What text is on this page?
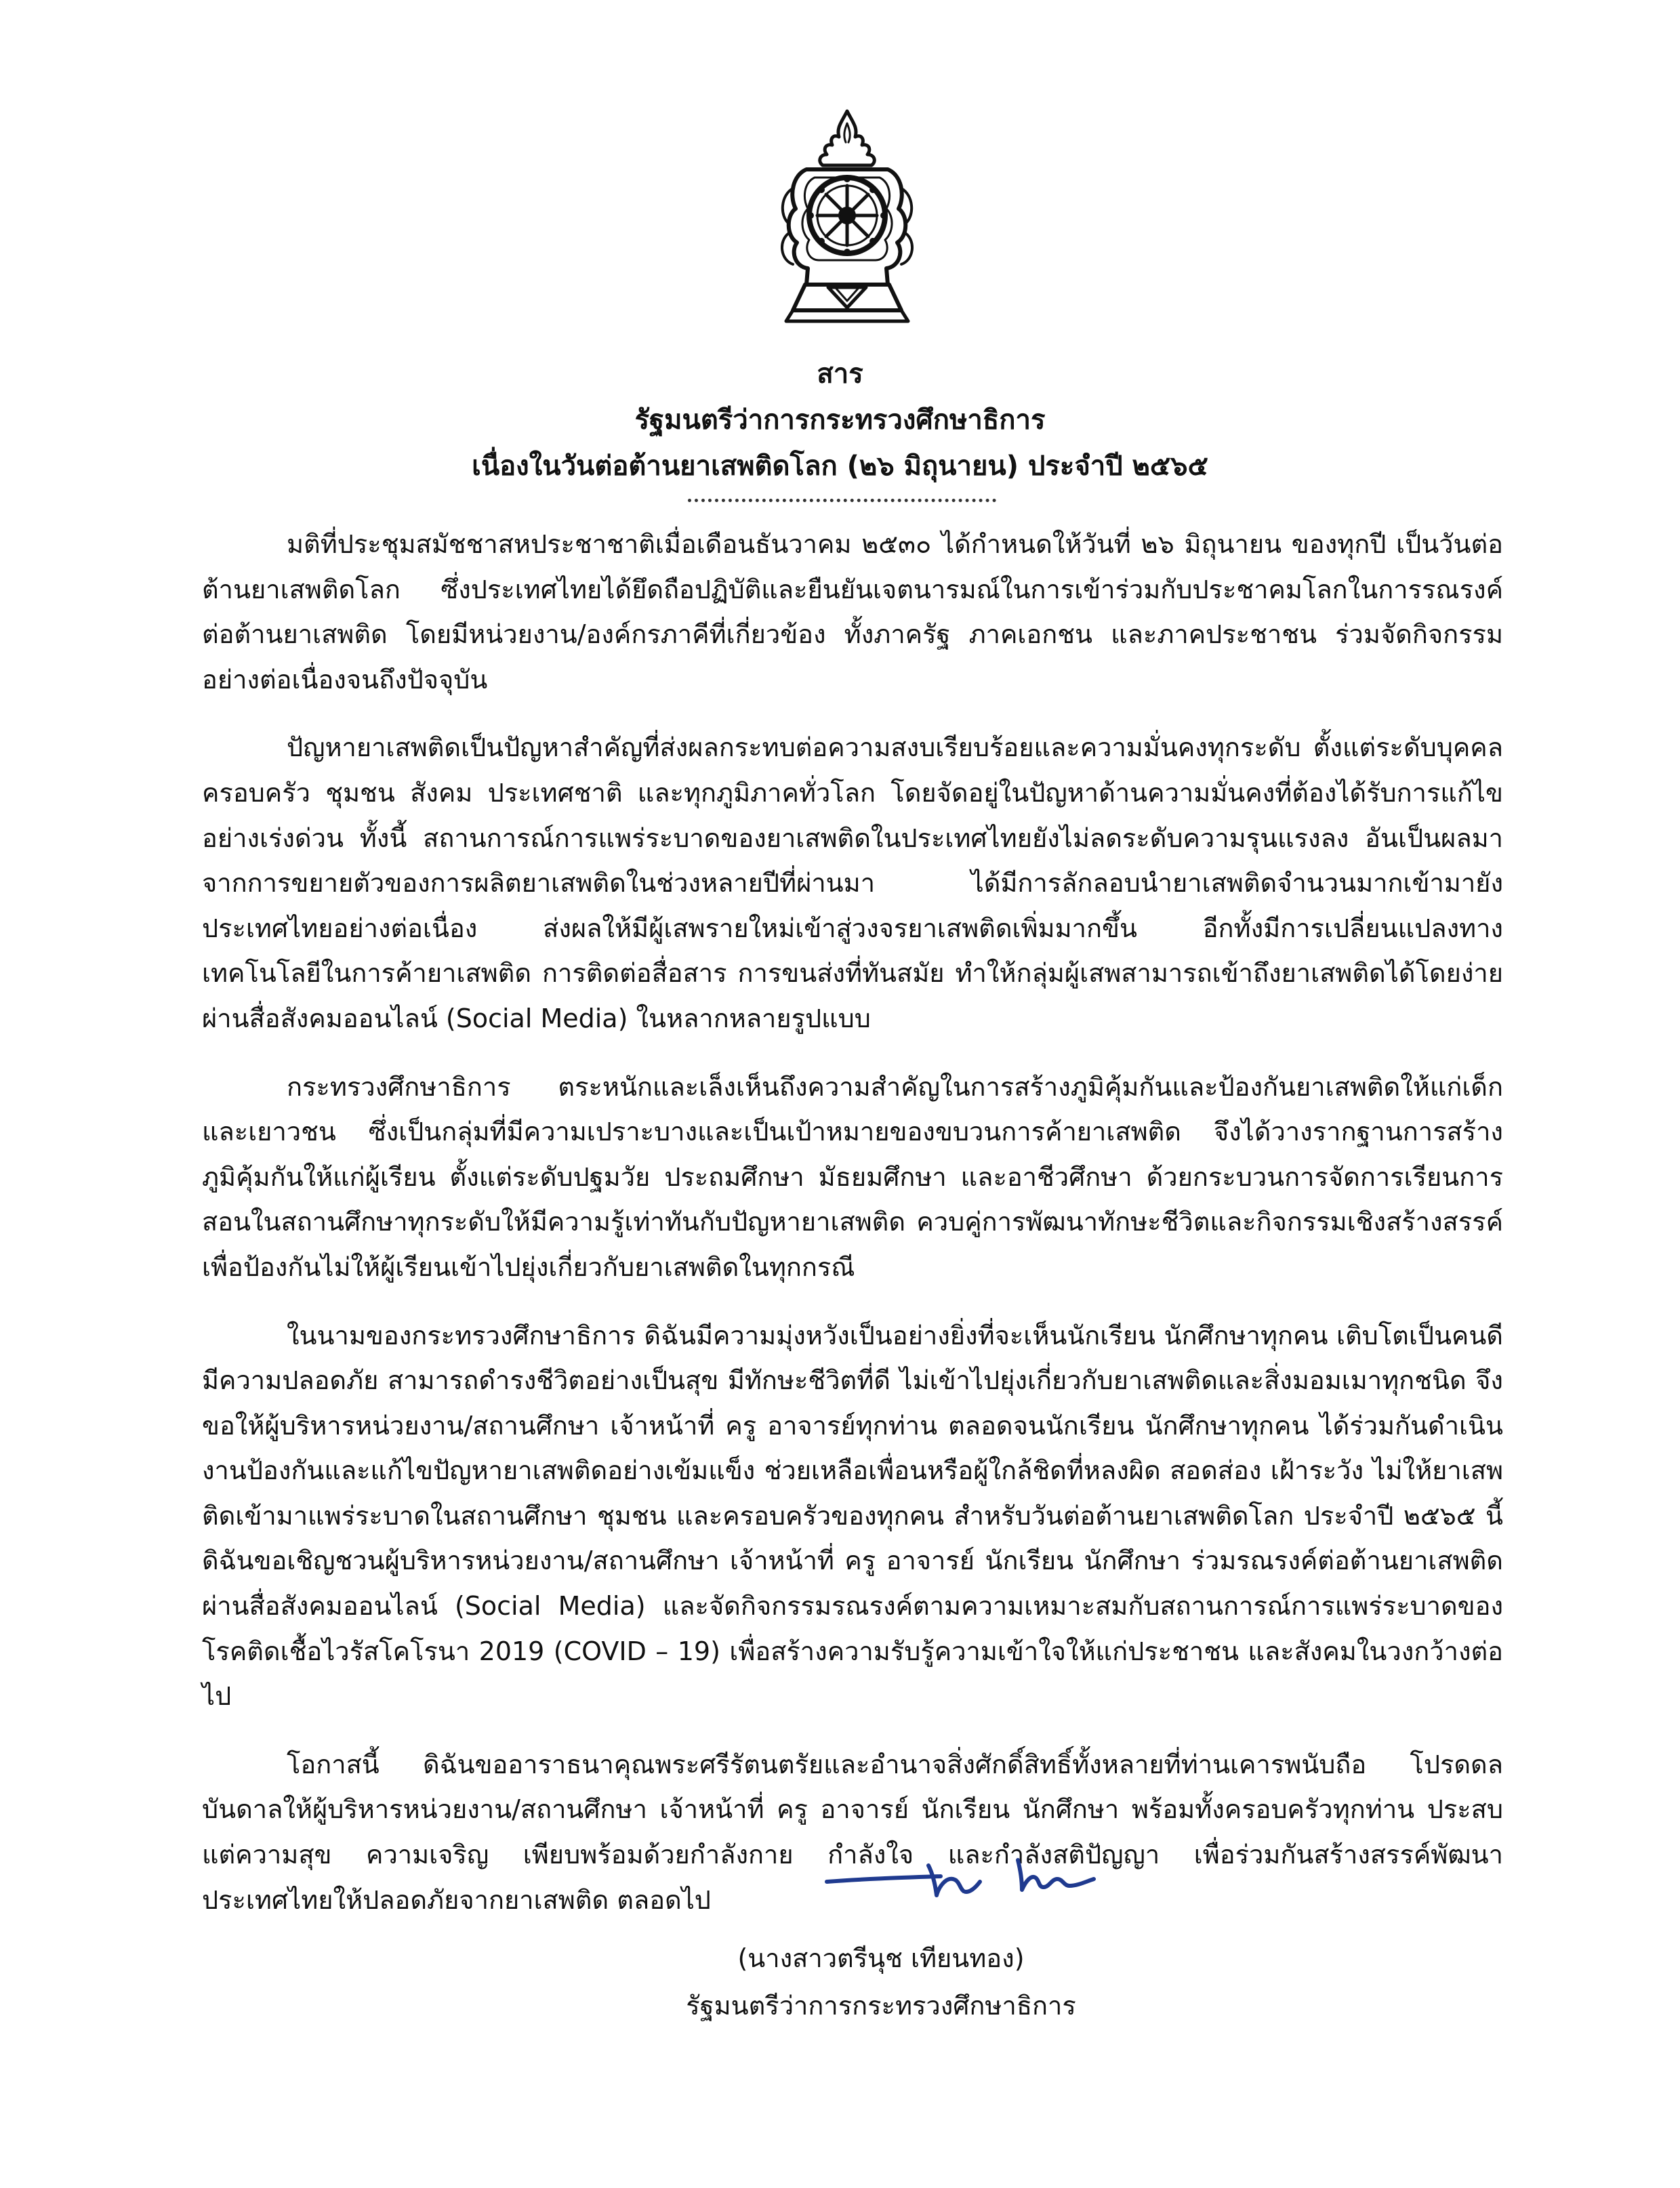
สาร
รัฐมนตรีว่าการกระทรวงศึกษาธิการ
เนื่องในวันต่อต้านยาเสพติดโลก (๒๖ มิถุนายน) ประจำปี ๒๕๖๕

มติที่ประชุมสมัชชาสหประชาชาติเมื่อเดือนธันวาคม ๒๕๓๐ ได้กำหนดให้วันที่ ๒๖ มิถุนายน ของทุกปี เป็นวันต่อต้านยาเสพติดโลก ซึ่งประเทศไทยได้ยึดถือปฏิบัติและยืนยันเจตนารมณ์ในการเข้าร่วมกับประชาคมโลกในการรณรงค์ต่อต้านยาเสพติด โดยมีหน่วยงาน/องค์กรภาคีที่เกี่ยวข้อง ทั้งภาครัฐ ภาคเอกชน และภาคประชาชน ร่วมจัดกิจกรรมอย่างต่อเนื่องจนถึงปัจจุบัน

ปัญหายาเสพติดเป็นปัญหาสำคัญที่ส่งผลกระทบต่อความสงบเรียบร้อยและความมั่นคงทุกระดับ ตั้งแต่ระดับบุคคล ครอบครัว ชุมชน สังคม ประเทศชาติ และทุกภูมิภาคทั่วโลก โดยจัดอยู่ในปัญหาด้านความมั่นคงที่ต้องได้รับการแก้ไขอย่างเร่งด่วน ทั้งนี้ สถานการณ์การแพร่ระบาดของยาเสพติดในประเทศไทยยังไม่ลดระดับความรุนแรงลง อันเป็นผลมาจากการขยายตัวของการผลิตยาเสพติดในช่วงหลายปีที่ผ่านมา ได้มีการลักลอบนำยาเสพติดจำนวนมากเข้ามายังประเทศไทยอย่างต่อเนื่อง ส่งผลให้มีผู้เสพรายใหม่เข้าสู่วงจรยาเสพติดเพิ่มมากขึ้น อีกทั้งมีการเปลี่ยนแปลงทางเทคโนโลยีในการค้ายาเสพติด การติดต่อสื่อสาร การขนส่งที่ทันสมัย ทำให้กลุ่มผู้เสพสามารถเข้าถึงยาเสพติดได้โดยง่าย ผ่านสื่อสังคมออนไลน์ (Social Media) ในหลากหลายรูปแบบ

กระทรวงศึกษาธิการ ตระหนักและเล็งเห็นถึงความสำคัญในการสร้างภูมิคุ้มกันและป้องกันยาเสพติดให้แก่เด็กและเยาวชน ซึ่งเป็นกลุ่มที่มีความเปราะบางและเป็นเป้าหมายของขบวนการค้ายาเสพติด จึงได้วางรากฐานการสร้างภูมิคุ้มกันให้แก่ผู้เรียน ตั้งแต่ระดับปฐมวัย ประถมศึกษา มัธยมศึกษา และอาชีวศึกษา ด้วยกระบวนการจัดการเรียนการสอนในสถานศึกษาทุกระดับให้มีความรู้เท่าทันกับปัญหายาเสพติด ควบคู่การพัฒนาทักษะชีวิตและกิจกรรมเชิงสร้างสรรค์ เพื่อป้องกันไม่ให้ผู้เรียนเข้าไปยุ่งเกี่ยวกับยาเสพติดในทุกกรณี

ในนามของกระทรวงศึกษาธิการ ดิฉันมีความมุ่งหวังเป็นอย่างยิ่งที่จะเห็นนักเรียน นักศึกษาทุกคน เติบโตเป็นคนดี มีความปลอดภัย สามารถดำรงชีวิตอย่างเป็นสุข มีทักษะชีวิตที่ดี ไม่เข้าไปยุ่งเกี่ยวกับยาเสพติดและสิ่งมอมเมาทุกชนิด จึงขอให้ผู้บริหารหน่วยงาน/สถานศึกษา เจ้าหน้าที่ ครู อาจารย์ทุกท่าน ตลอดจนนักเรียน นักศึกษาทุกคน ได้ร่วมกันดำเนินงานป้องกันและแก้ไขปัญหายาเสพติดอย่างเข้มแข็ง ช่วยเหลือเพื่อนหรือผู้ใกล้ชิดที่หลงผิด สอดส่อง เฝ้าระวัง ไม่ให้ยาเสพติดเข้ามาแพร่ระบาดในสถานศึกษา ชุมชน และครอบครัวของทุกคน สำหรับวันต่อต้านยาเสพติดโลก ประจำปี ๒๕๖๕ นี้ ดิฉันขอเชิญชวนผู้บริหารหน่วยงาน/สถานศึกษา เจ้าหน้าที่ ครู อาจารย์ นักเรียน นักศึกษา ร่วมรณรงค์ต่อต้านยาเสพติด ผ่านสื่อสังคมออนไลน์ (Social Media) และจัดกิจกรรมรณรงค์ตามความเหมาะสมกับสถานการณ์การแพร่ระบาดของโรคติดเชื้อไวรัสโคโรนา 2019 (COVID – 19) เพื่อสร้างความรับรู้ความเข้าใจให้แก่ประชาชน และสังคมในวงกว้างต่อไป

โอกาสนี้ ดิฉันขออาราธนาคุณพระศรีรัตนตรัยและอำนาจสิ่งศักดิ์สิทธิ์ทั้งหลายที่ท่านเคารพนับถือ โปรดดลบันดาลให้ผู้บริหารหน่วยงาน/สถานศึกษา เจ้าหน้าที่ ครู อาจารย์ นักเรียน นักศึกษา พร้อมทั้งครอบครัวทุกท่าน ประสบแต่ความสุข ความเจริญ เพียบพร้อมด้วยกำลังกาย กำลังใจ และกำลังสติปัญญา เพื่อร่วมกันสร้างสรรค์พัฒนาประเทศไทยให้ปลอดภัยจากยาเสพติด ตลอดไป

(นางสาวตรีนุช เทียนทอง)

รัฐมนตรีว่าการกระทรวงศึกษาธิการ
